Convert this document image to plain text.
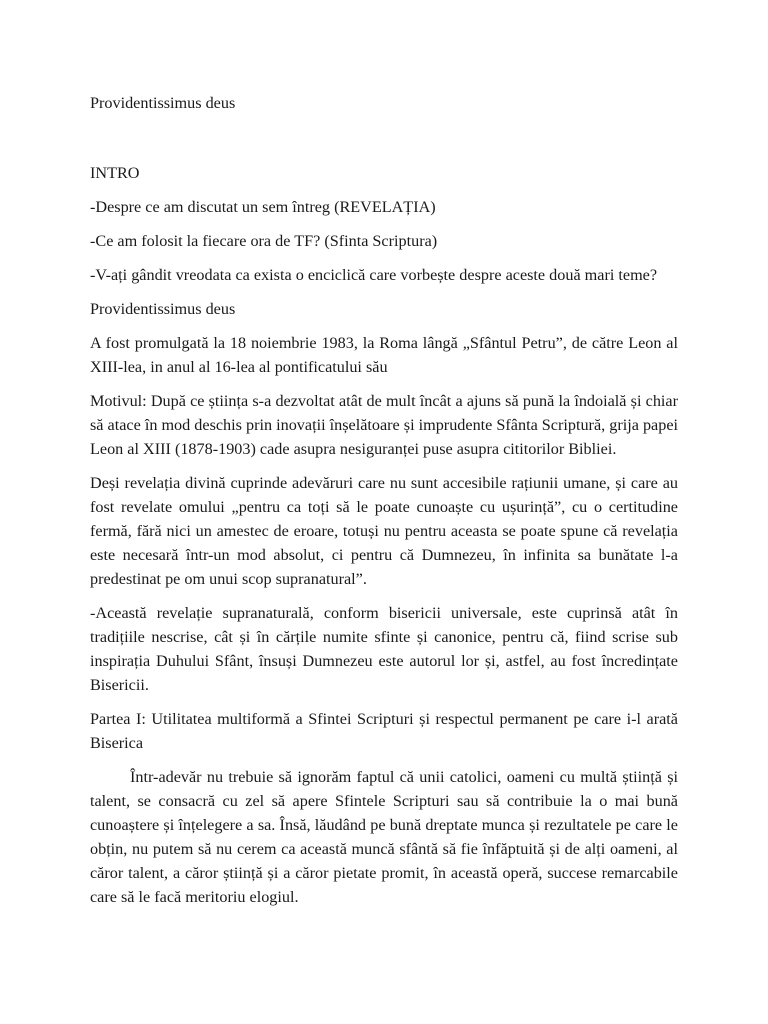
Providentissimus deus

INTRO

-Despre ce am discutat un sem întreg (REVELAȚIA)

-Ce am folosit la fiecare ora de TF? (Sfinta Scriptura)

-V-ați gândit vreodata ca exista o enciclică care vorbește despre aceste două mari teme?

Providentissimus deus

A fost promulgată la 18 noiembrie 1983, la Roma lângă „Sfântul Petru”, de către Leon al XIII-lea, in anul al 16-lea al pontificatului său

Motivul: După ce știința s-a dezvoltat atât de mult încât a ajuns să pună la îndoială și chiar să atace în mod deschis prin inovații înșelătoare și imprudente Sfânta Scriptură, grija papei Leon al XIII (1878-1903) cade asupra nesiguranței puse asupra cititorilor Bibliei.

Deși revelația divină cuprinde adevăruri care nu sunt accesibile rațiunii umane, și care au fost revelate omului „pentru ca toți să le poate cunoaște cu ușurință”, cu o certitudine fermă, fără nici un amestec de eroare, totuși nu pentru aceasta se poate spune că revelația este necesară într-un mod absolut, ci pentru că Dumnezeu, în infinita sa bunătate l-a predestinat pe om unui scop supranatural”.

-Această revelație supranaturală, conform bisericii universale, este cuprinsă atât în tradițiile nescrise, cât și în cărțile numite sfinte și canonice, pentru că, fiind scrise sub inspirația Duhului Sfânt, însuși Dumnezeu este autorul lor și, astfel, au fost încredințate Bisericii.

Partea I: Utilitatea multiformă a Sfintei Scripturi și respectul permanent pe care i-l arată Biserica

Într-adevăr nu trebuie să ignorăm faptul că unii catolici, oameni cu multă știință și talent, se consacră cu zel să apere Sfintele Scripturi sau să contribuie la o mai bună cunoaștere și înțelegere a sa. Însă, lăudând pe bună dreptate munca și rezultatele pe care le obțin, nu putem să nu cerem ca această muncă sfântă să fie înfăptuită și de alți oameni, al căror talent, a căror știință și a căror pietate promit, în această operă, succese remarcabile care să le facă meritoriu elogiul.
